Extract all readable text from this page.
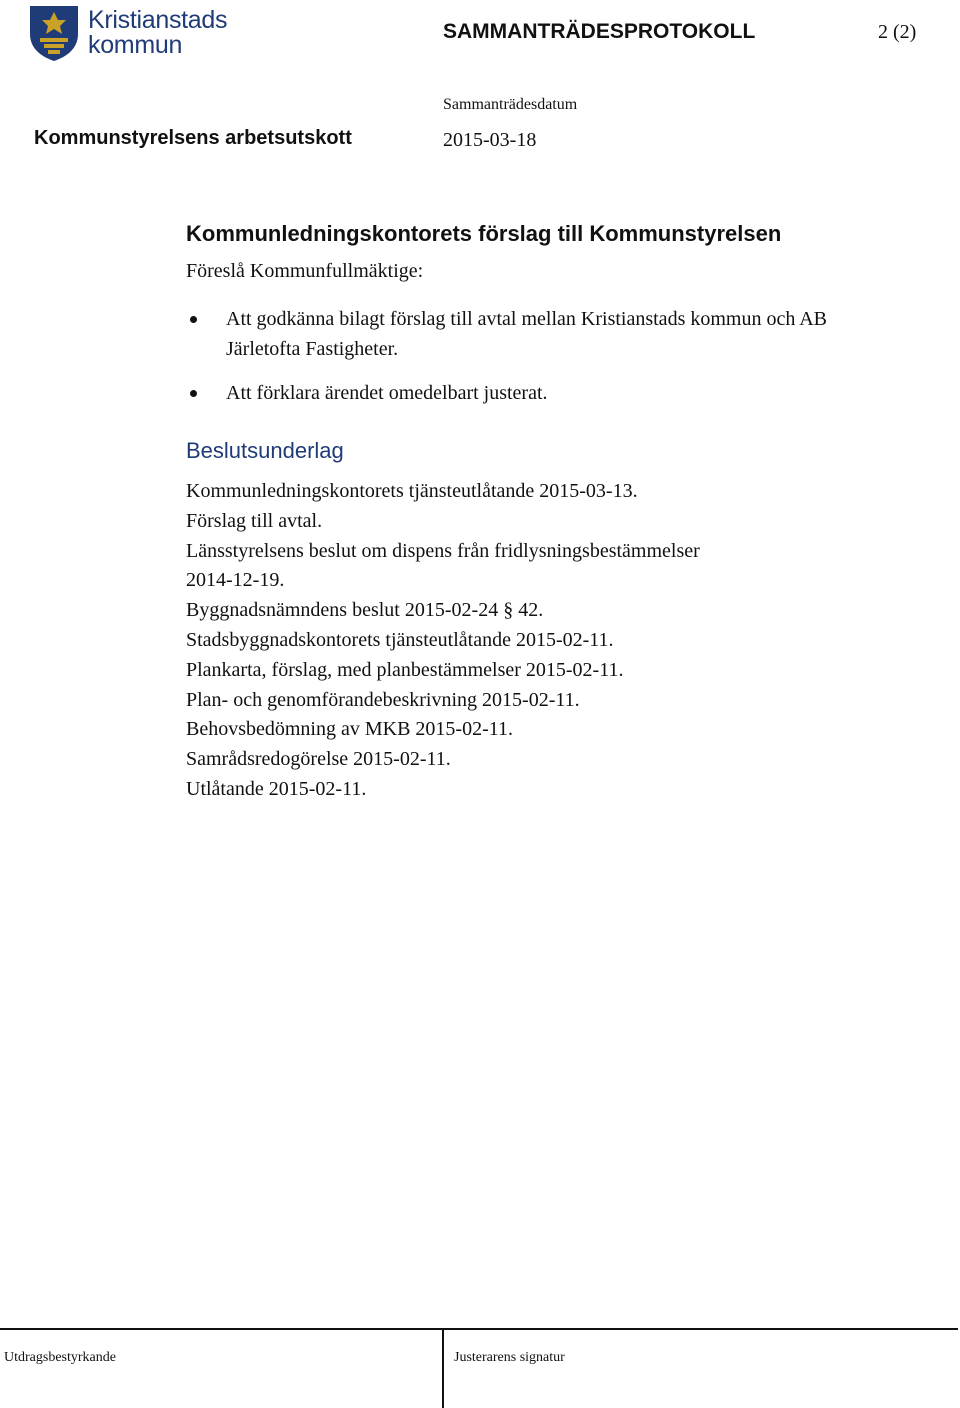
Kristianstads
kommun	SAMMANTRÄDESPROTOKOLL	2 (2)
Sammanträdesdatum
Kommunstyrelsens arbetsutskott	2015-03-18
Kommunledningskontorets förslag till Kommunstyrelsen
Föreslå Kommunfullmäktige:
Att godkänna bilagt förslag till avtal mellan Kristianstads kommun och AB Järletofta Fastigheter.
Att förklara ärendet omedelbart justerat.
Beslutsunderlag
Kommunledningskontorets tjänsteutlåtande 2015-03-13.
Förslag till avtal.
Länsstyrelsens beslut om dispens från fridlysningsbestämmelser
2014-12-19.
Byggnadsnämndens beslut 2015-02-24 § 42.
Stadsbyggnadskontorets tjänsteutlåtande 2015-02-11.
Plankarta, förslag, med planbestämmelser 2015-02-11.
Plan- och genomförandebeskrivning 2015-02-11.
Behovsbedömning av MKB 2015-02-11.
Samrådsredogörelse 2015-02-11.
Utlåtande 2015-02-11.
Utdragsbestyrkande	Justerarens signatur
